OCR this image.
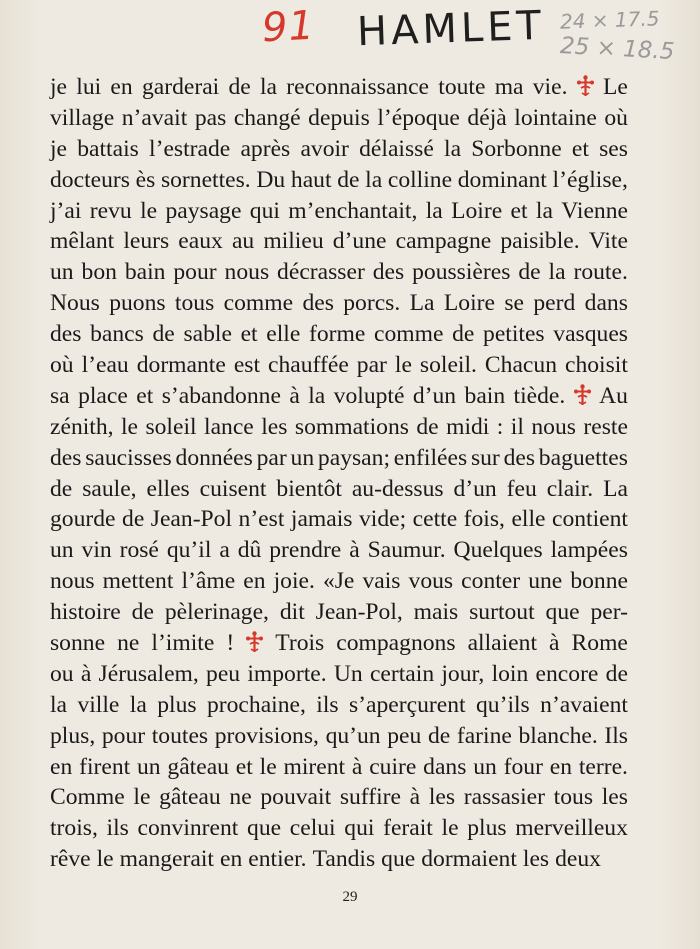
91 HAMLET 24 × 17.5
25 × 18.5
je lui en garderai de la reconnaissance toute ma vie. Le
village n’avait pas changé depuis l’époque déjà lointaine où
je battais l’estrade après avoir délaissé la Sorbonne et ses
docteurs ès sornettes. Du haut de la colline dominant l’église,
j’ai revu le paysage qui m’enchantait, la Loire et la Vienne
mêlant leurs eaux au milieu d’une campagne paisible. Vite
un bon bain pour nous décrasser des poussières de la route.
Nous puons tous comme des porcs. La Loire se perd dans
des bancs de sable et elle forme comme de petites vasques
où l’eau dormante est chauffée par le soleil. Chacun choisit
sa place et s’abandonne à la volupté d’un bain tiède. Au
zénith, le soleil lance les sommations de midi : il nous reste
des saucisses données par un paysan; enfilées sur des baguettes
de saule, elles cuisent bientôt au-dessus d’un feu clair. La
gourde de Jean-Pol n’est jamais vide; cette fois, elle contient
un vin rosé qu’il a dû prendre à Saumur. Quelques lampées
nous mettent l’âme en joie. «Je vais vous conter une bonne
histoire de pèlerinage, dit Jean-Pol, mais surtout que per-
sonne ne l’imite ! Trois compagnons allaient à Rome
ou à Jérusalem, peu importe. Un certain jour, loin encore de
la ville la plus prochaine, ils s’aperçurent qu’ils n’avaient
plus, pour toutes provisions, qu’un peu de farine blanche. Ils
en firent un gâteau et le mirent à cuire dans un four en terre.
Comme le gâteau ne pouvait suffire à les rassasier tous les
trois, ils convinrent que celui qui ferait le plus merveilleux
rêve le mangerait en entier. Tandis que dormaient les deux
29
